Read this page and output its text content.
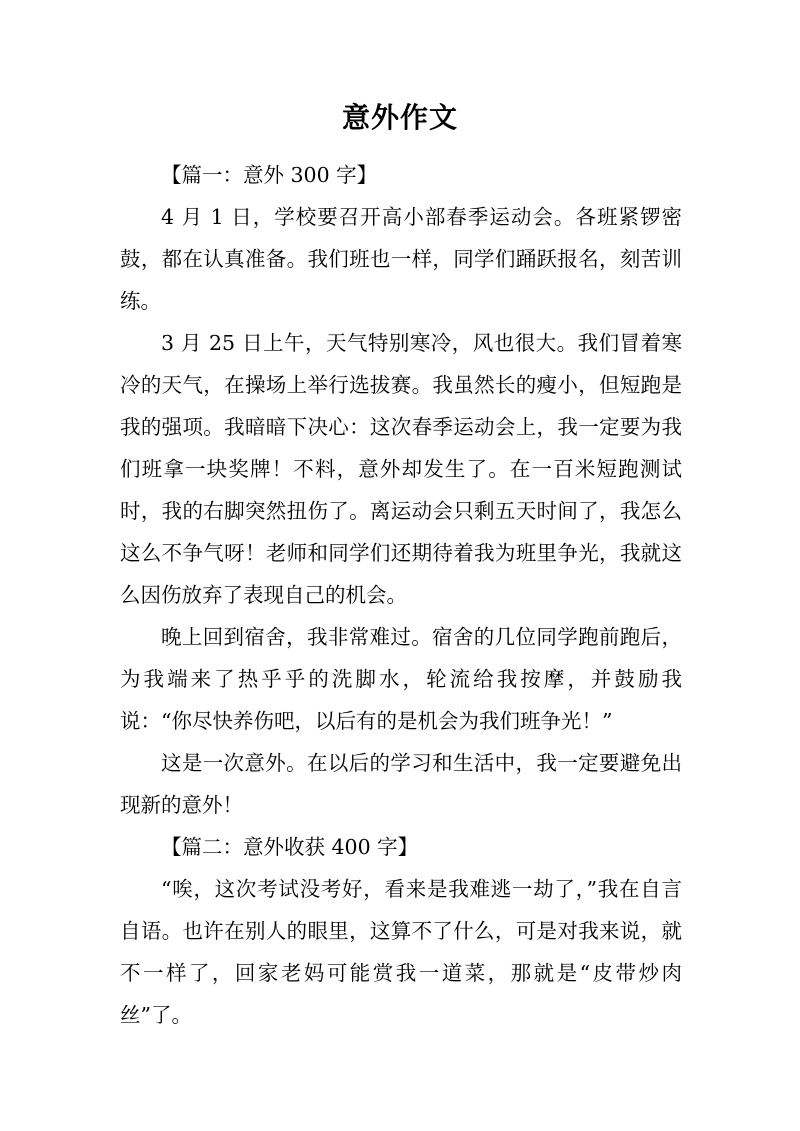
意外作文

【篇一：意外 300 字】

4 月 1 日，学校要召开高小部春季运动会。各班紧锣密鼓，都在认真准备。我们班也一样，同学们踊跃报名，刻苦训练。

3 月 25 日上午，天气特别寒冷，风也很大。我们冒着寒冷的天气，在操场上举行选拔赛。我虽然长的瘦小，但短跑是我的强项。我暗暗下决心：这次春季运动会上，我一定要为我们班拿一块奖牌！不料，意外却发生了。在一百米短跑测试时，我的右脚突然扭伤了。离运动会只剩五天时间了，我怎么这么不争气呀！老师和同学们还期待着我为班里争光，我就这么因伤放弃了表现自己的机会。

晚上回到宿舍，我非常难过。宿舍的几位同学跑前跑后，为我端来了热乎乎的洗脚水，轮流给我按摩，并鼓励我说：“你尽快养伤吧，以后有的是机会为我们班争光！”

这是一次意外。在以后的学习和生活中，我一定要避免出现新的意外！

【篇二：意外收获 400 字】

“唉，这次考试没考好，看来是我难逃一劫了，”我在自言自语。也许在别人的眼里，这算不了什么，可是对我来说，就不一样了，回家老妈可能赏我一道菜，那就是“皮带炒肉丝”了。
